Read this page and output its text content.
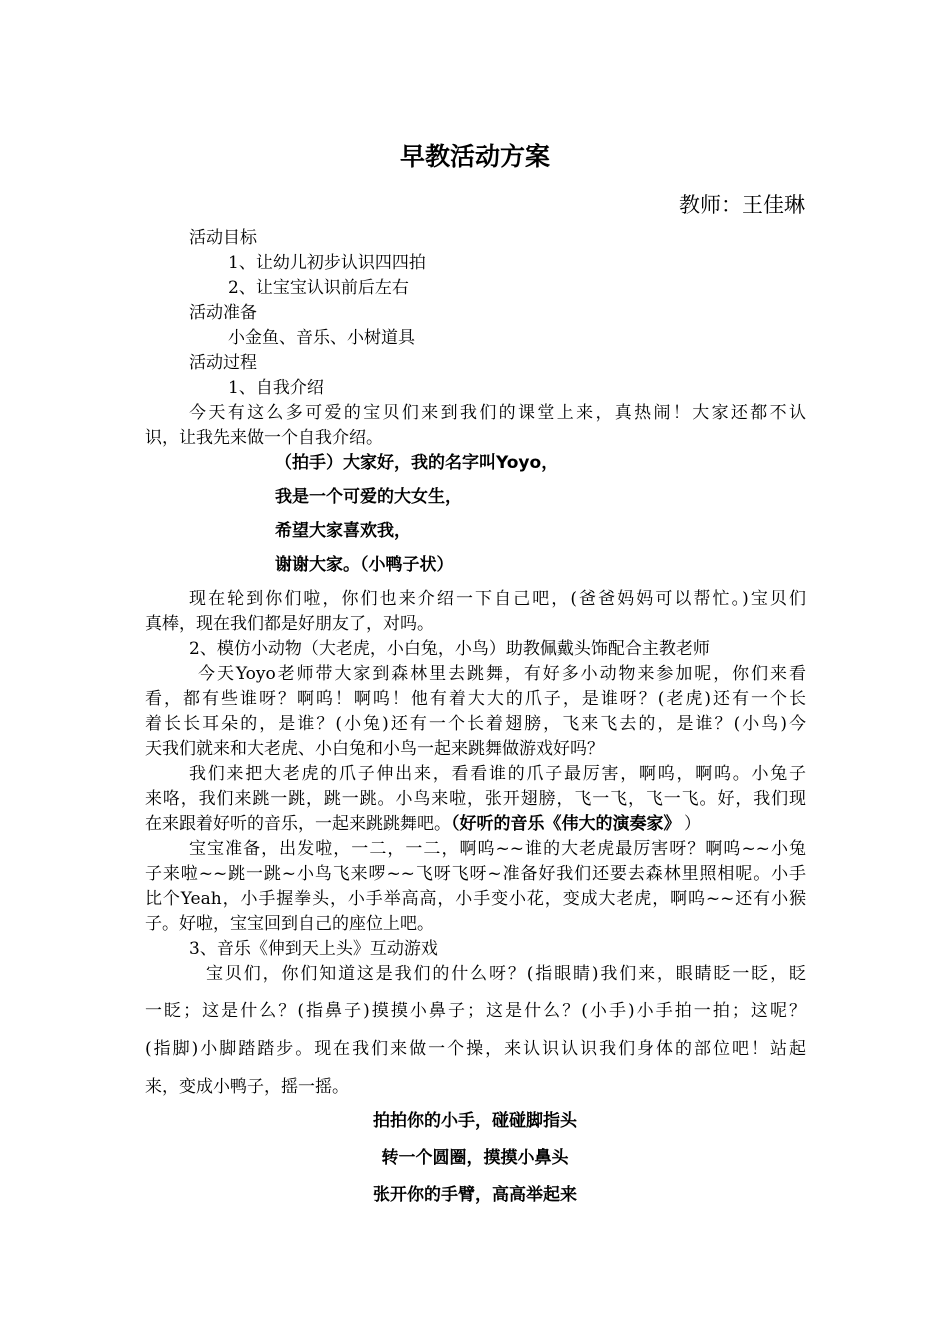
早教活动方案
教师：王佳琳
活动目标
1、让幼儿初步认识四四拍
2、让宝宝认识前后左右
活动准备
小金鱼、音乐、小树道具
活动过程
1、自我介绍
今天有这么多可爱的宝贝们来到我们的课堂上来，真热闹！大家还都不认
识，让我先来做一个自我介绍。
（拍手）大家好，我的名字叫Yoyo，
我是一个可爱的大女生，
希望大家喜欢我，
谢谢大家。（小鸭子状）
现在轮到你们啦，你们也来介绍一下自己吧，(爸爸妈妈可以帮忙。)宝贝们
真棒，现在我们都是好朋友了，对吗。
2、模仿小动物（大老虎，小白兔，小鸟）助教佩戴头饰配合主教老师
今天Yoyo老师带大家到森林里去跳舞，有好多小动物来参加呢，你们来看
看，都有些谁呀？啊呜！啊呜！他有着大大的爪子，是谁呀？(老虎)还有一个长
着长长耳朵的，是谁？(小兔)还有一个长着翅膀，飞来飞去的，是谁？(小鸟)今
天我们就来和大老虎、小白兔和小鸟一起来跳舞做游戏好吗？
我们来把大老虎的爪子伸出来，看看谁的爪子最厉害，啊呜，啊呜。小兔子
来咯，我们来跳一跳，跳一跳。小鸟来啦，张开翅膀，飞一飞，飞一飞。好，我们现
在来跟着好听的音乐，一起来跳跳舞吧。（好听的音乐《伟大的演奏家》 ）
宝宝准备，出发啦，一二，一二，啊呜~~谁的大老虎最厉害呀？啊呜~~小兔
子来啦~~跳一跳~小鸟飞来啰~~飞呀飞呀~准备好我们还要去森林里照相呢。小手
比个Yeah，小手握拳头，小手举高高，小手变小花，变成大老虎，啊呜~~还有小猴
子。好啦，宝宝回到自己的座位上吧。
3、音乐《伸到天上头》互动游戏
宝贝们，你们知道这是我们的什么呀？(指眼睛)我们来，眼睛眨一眨，眨
一眨；这是什么？(指鼻子)摸摸小鼻子；这是什么？(小手)小手拍一拍；这呢？
(指脚)小脚踏踏步。现在我们来做一个操，来认识认识我们身体的部位吧！站起
来，变成小鸭子，摇一摇。
拍拍你的小手，碰碰脚指头
转一个圆圈，摸摸小鼻头
张开你的手臂，高高举起来
